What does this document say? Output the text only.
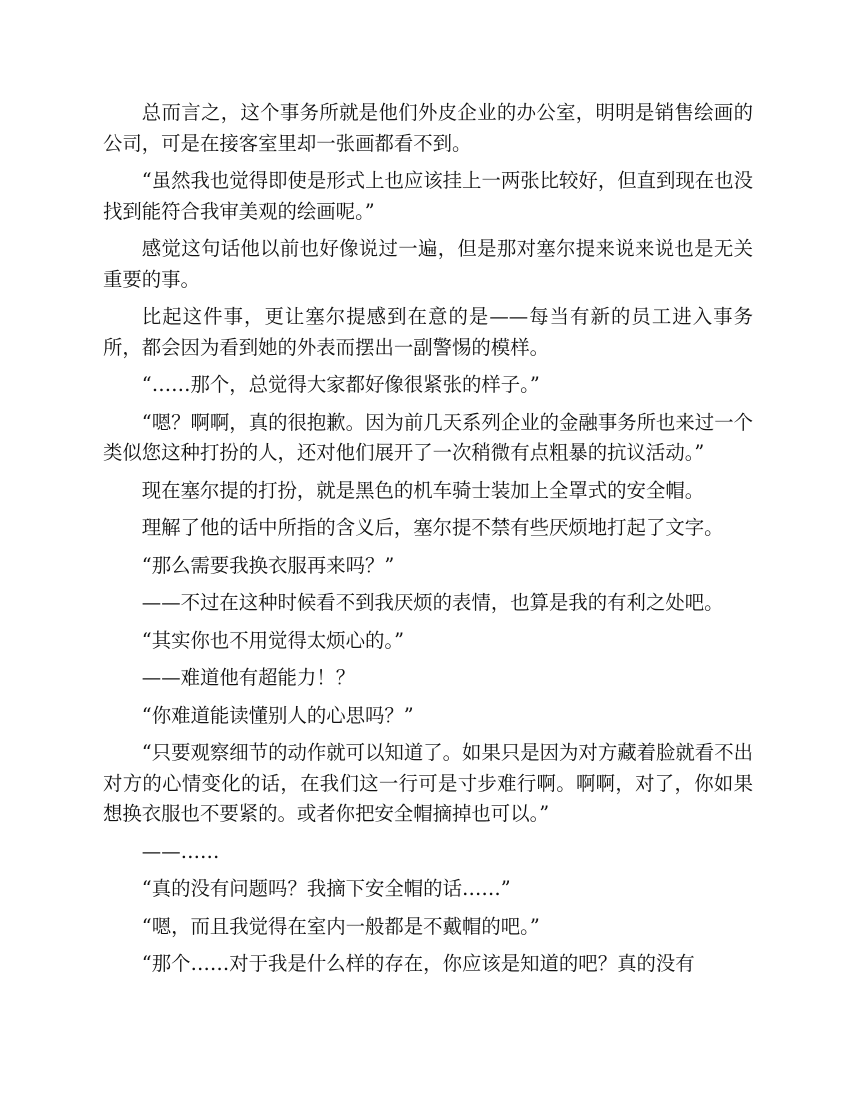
总而言之，这个事务所就是他们外皮企业的办公室，明明是销售绘画的公司，可是在接客室里却一张画都看不到。

“虽然我也觉得即使是形式上也应该挂上一两张比较好，但直到现在也没找到能符合我审美观的绘画呢。”

感觉这句话他以前也好像说过一遍，但是那对塞尔提来说来说也是无关重要的事。

比起这件事，更让塞尔提感到在意的是——每当有新的员工进入事务所，都会因为看到她的外表而摆出一副警惕的模样。

“……那个，总觉得大家都好像很紧张的样子。”

“嗯？啊啊，真的很抱歉。因为前几天系列企业的金融事务所也来过一个类似您这种打扮的人，还对他们展开了一次稍微有点粗暴的抗议活动。”

现在塞尔提的打扮，就是黑色的机车骑士装加上全罩式的安全帽。

理解了他的话中所指的含义后，塞尔提不禁有些厌烦地打起了文字。

“那么需要我换衣服再来吗？”

——不过在这种时候看不到我厌烦的表情，也算是我的有利之处吧。

“其实你也不用觉得太烦心的。”

——难道他有超能力！？

“你难道能读懂别人的心思吗？”

“只要观察细节的动作就可以知道了。如果只是因为对方藏着脸就看不出对方的心情变化的话，在我们这一行可是寸步难行啊。啊啊，对了，你如果想换衣服也不要紧的。或者你把安全帽摘掉也可以。”

——……

“真的没有问题吗？我摘下安全帽的话……”

“嗯，而且我觉得在室内一般都是不戴帽的吧。”

“那个……对于我是什么样的存在，你应该是知道的吧？真的没有
